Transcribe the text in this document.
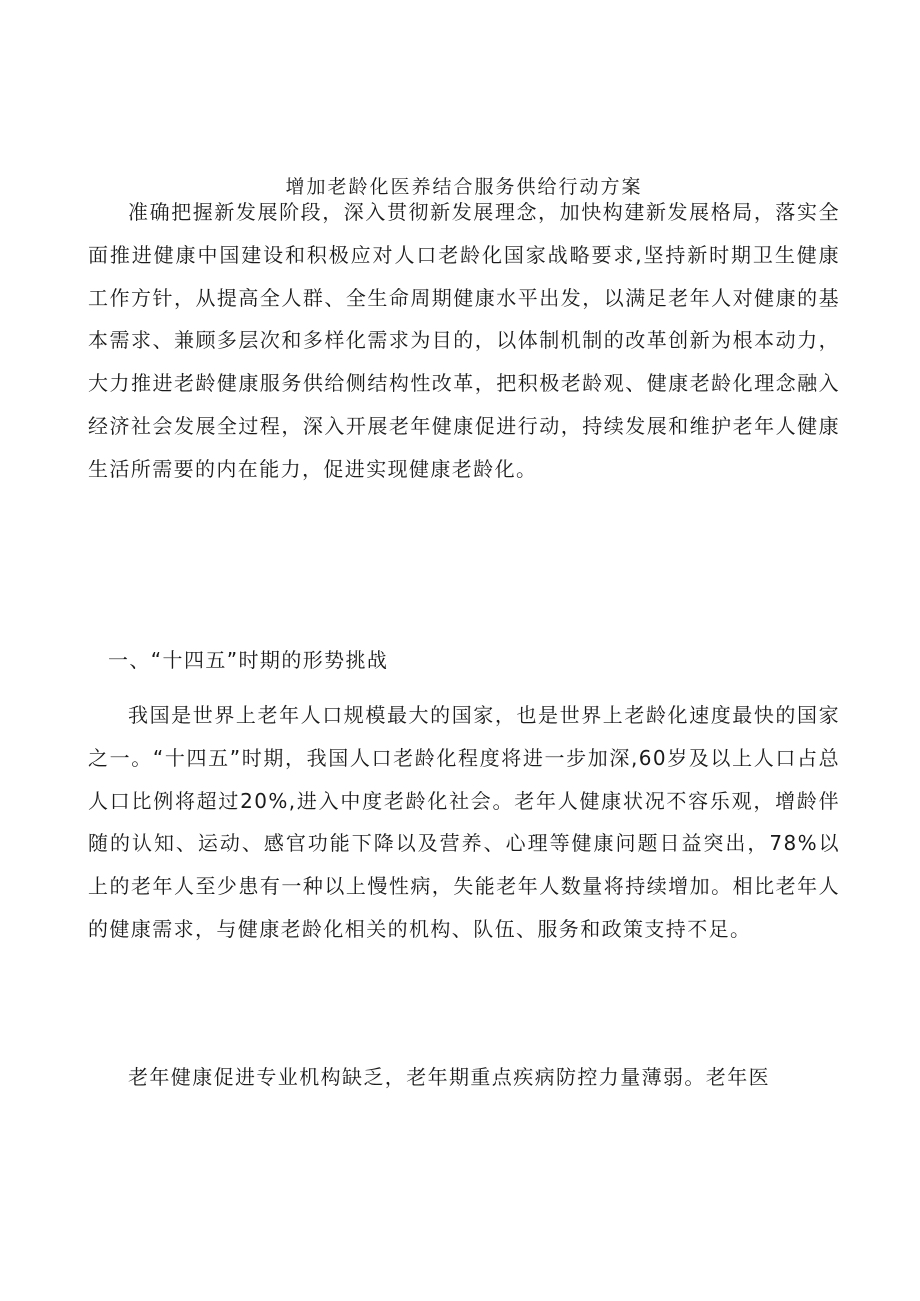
增加老龄化医养结合服务供给行动方案

准确把握新发展阶段，深入贯彻新发展理念，加快构建新发展格局，落实全面推进健康中国建设和积极应对人口老龄化国家战略要求,坚持新时期卫生健康工作方针，从提高全人群、全生命周期健康水平出发，以满足老年人对健康的基本需求、兼顾多层次和多样化需求为目的，以体制机制的改革创新为根本动力，大力推进老龄健康服务供给侧结构性改革，把积极老龄观、健康老龄化理念融入经济社会发展全过程，深入开展老年健康促进行动，持续发展和维护老年人健康生活所需要的内在能力，促进实现健康老龄化。

一、“十四五”时期的形势挑战

我国是世界上老年人口规模最大的国家，也是世界上老龄化速度最快的国家之一。“十四五”时期，我国人口老龄化程度将进一步加深,60岁及以上人口占总人口比例将超过20%,进入中度老龄化社会。老年人健康状况不容乐观，增龄伴随的认知、运动、感官功能下降以及营养、心理等健康问题日益突出，78%以上的老年人至少患有一种以上慢性病，失能老年人数量将持续增加。相比老年人的健康需求，与健康老龄化相关的机构、队伍、服务和政策支持不足。

老年健康促进专业机构缺乏，老年期重点疾病防控力量薄弱。老年医
